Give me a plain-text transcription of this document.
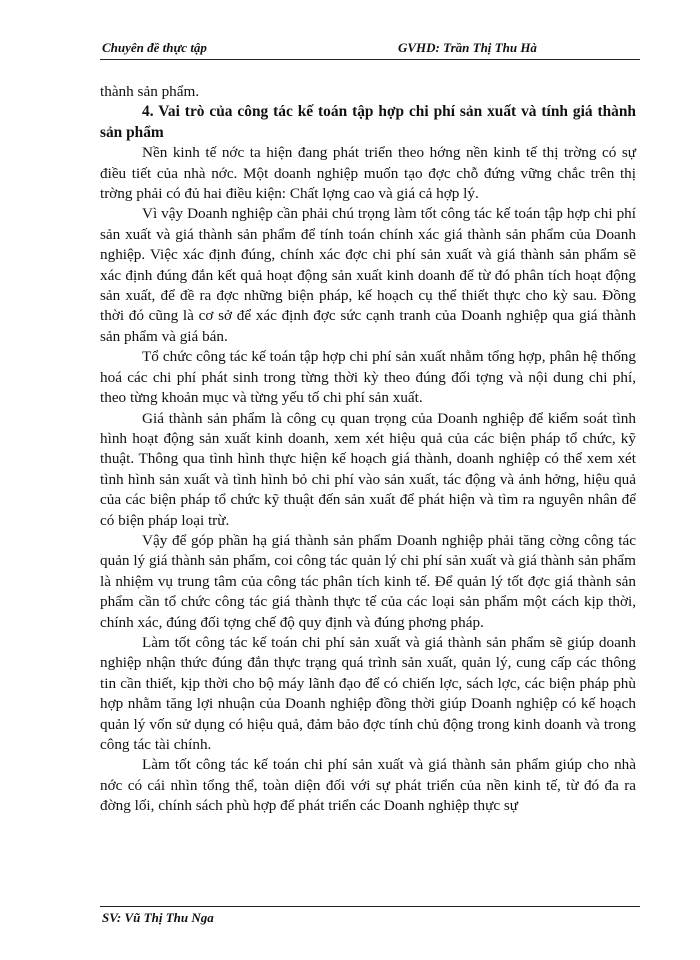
Chuyên đề thực tập	GVHD: Trần Thị Thu Hà

thành sản phẩm.

4. Vai trò của công tác kế toán tập hợp chi phí sản xuất và tính giá thành sản phẩm

Nền kinh tế nớc ta hiện đang phát triển theo hớng nền kinh tế thị trờng có sự điều tiết của nhà nớc. Một doanh nghiệp muốn tạo đợc chỗ đứng vững chắc trên thị trờng phải có đủ hai điều kiện: Chất lợng cao và giá cả hợp lý.

Vì vậy Doanh nghiệp cần phải chú trọng làm tốt công tác kế toán tập hợp chi phí sản xuất và giá thành sản phẩm để tính toán chính xác giá thành sản phẩm của Doanh nghiệp. Việc xác định đúng, chính xác đợc chi phí sản xuất và giá thành sản phẩm sẽ xác định đúng đắn kết quả hoạt động sản xuất kinh doanh để từ đó phân tích hoạt động sản xuất, để đề ra đợc những biện pháp, kế hoạch cụ thể thiết thực cho kỳ sau. Đồng thời đó cũng là cơ sở để xác định đợc sức cạnh tranh của Doanh nghiệp qua giá thành sản phẩm và giá bán.

Tổ chức công tác kế toán tập hợp chi phí sản xuất nhằm tổng hợp, phân hệ thống hoá các chi phí phát sinh trong từng thời kỳ theo đúng đối tợng và nội dung chi phí, theo từng khoản mục và từng yếu tố chi phí sản xuất.

Giá thành sản phẩm là công cụ quan trọng của Doanh nghiệp để kiểm soát tình hình hoạt động sản xuất kinh doanh, xem xét hiệu quả của các biện pháp tổ chức, kỹ thuật. Thông qua tình hình thực hiện kế hoạch giá thành, doanh nghiệp có thể xem xét tình hình sản xuất và tình hình bỏ chi phí vào sản xuất, tác động và ảnh hởng, hiệu quả của các biện pháp tổ chức kỹ thuật đến sản xuất để phát hiện và tìm ra nguyên nhân để có biện pháp loại trừ.

Vậy để góp phần hạ giá thành sản phẩm Doanh nghiệp phải tăng cờng công tác quản lý giá thành sản phẩm, coi công tác quản lý chi phí sản xuất và giá thành sản phẩm là nhiệm vụ trung tâm của công tác phân tích kinh tế. Để quản lý tốt đợc giá thành sản phẩm cần tổ chức công tác giá thành thực tế của các loại sản phẩm một cách kịp thời, chính xác, đúng đối tợng chế độ quy định và đúng phơng pháp.

Làm tốt công tác kế toán chi phí sản xuất và giá thành sản phẩm sẽ giúp doanh nghiệp nhận thức đúng đắn thực trạng quá trình sản xuất, quản lý, cung cấp các thông tin cần thiết, kịp thời cho bộ máy lãnh đạo để có chiến lợc, sách lợc, các biện pháp phù hợp nhằm tăng lợi nhuận của Doanh nghiệp đồng thời giúp Doanh nghiệp có kế hoạch quản lý vốn sử dụng có hiệu quả, đảm bảo đợc tính chủ động trong kinh doanh và trong công tác tài chính.

Làm tốt công tác kế toán chi phí sản xuất và giá thành sản phẩm giúp cho nhà nớc có cái nhìn tổng thể, toàn diện đối với sự phát triển của nền kinh tế, từ đó đa ra đờng lối, chính sách phù hợp để phát triển các Doanh nghiệp thực sự

SV: Vũ Thị Thu Nga
